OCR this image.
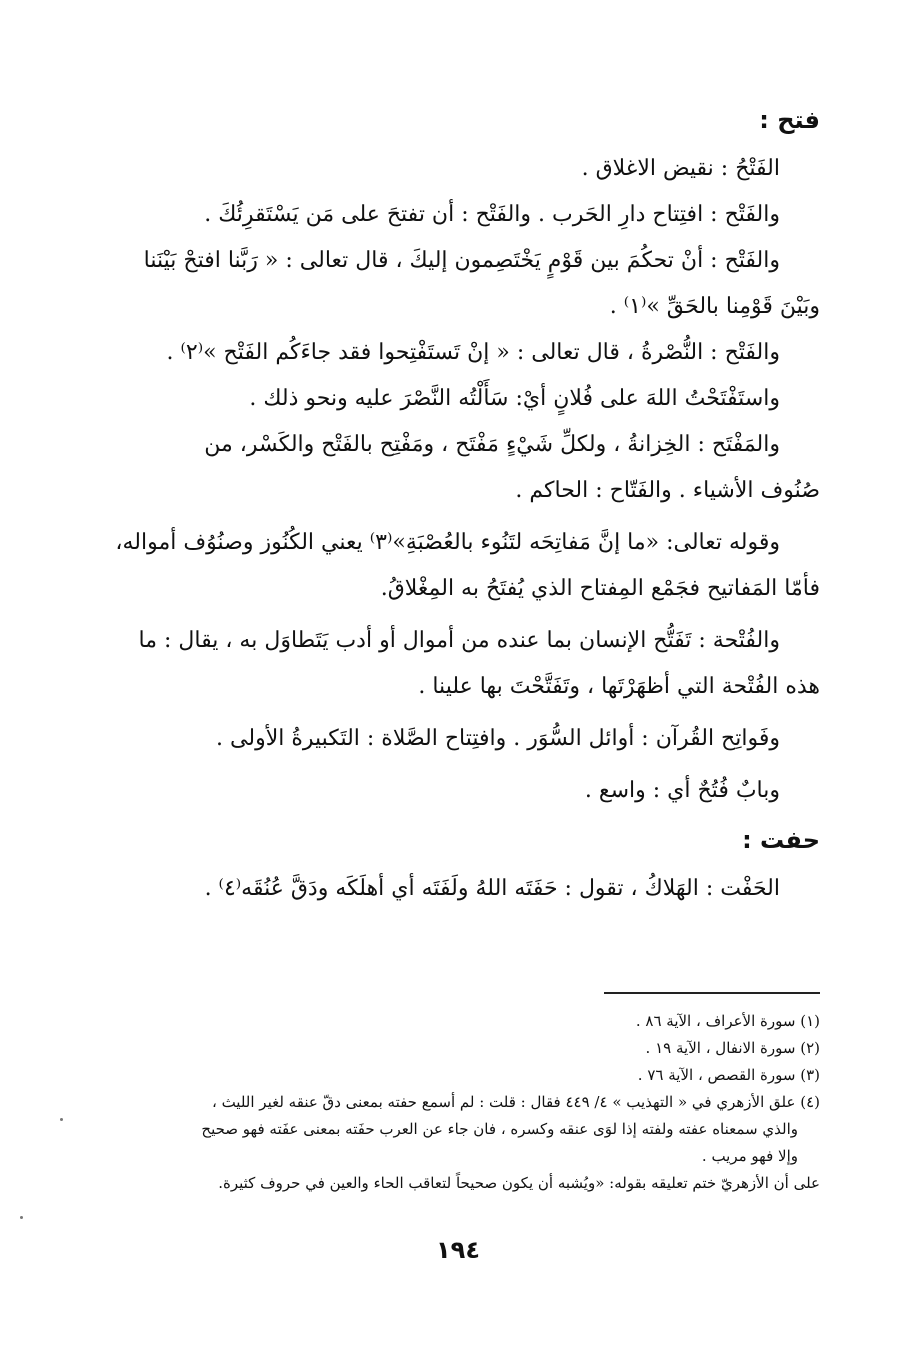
فتح :

الفَتْحُ : نقيض الاغلاق .

والفَتْح : افتِتاح دارِ الحَرب . والفَتْح : أن تفتحَ على مَن يَسْتَقرِئُكَ .

والفَتْح : أنْ تحكُمَ بين قَوْمٍ يَخْتَصِمون إليكَ ، قال تعالى : « رَبَّنا افتحْ بَيْنَنا

وبَيْنَ قَوْمِنا بالحَقِّ »⁽١⁾ .

والفَتْح : النُّصْرةُ ، قال تعالى : « إنْ تَستَفْتِحوا فقد جاءَكُم الفَتْح »⁽٢⁾ .

واستَفْتَحْتُ اللهَ على فُلانٍ أيْ: سَأَلْتُه النَّصْرَ عليه ونحو ذلك .

والمَفْتَح : الخِزانةُ ، ولكلِّ شَيْءٍ مَفْتَح ، ومَفْتِح بالفَتْح والكَسْر، من

صُنُوف الأشياء . والفَتّاح : الحاكم .

وقوله تعالى: «ما إنَّ مَفاتِحَه لتَنُوء بالعُصْبَةِ»⁽٣⁾ يعني الكُنُوز وصنُوُف أمواله،

فأمّا المَفاتيح فجَمْع المِفتاح الذي يُفتَحُ به المِغْلاقُ.

والفُتْحة : تَفَتُّح الإنسان بما عنده من أموال أو أدب يَتَطاوَل به ، يقال : ما

هذه الفُتْحة التي أظهَرْتَها ، وتَفَتَّحْتَ بها علينا .

وفَواتِح القُرآن : أوائل السُّوَر . وافتِتاح الصَّلاة : التَكبيرةُ الأولى .

وبابٌ فُتُحٌ أي : واسع .

حفت :

الحَفْت : الهَلاكُ ، تقول : حَفَتَه اللهُ ولَفَتَه أي أهلَكَه ودَقَّ عُنُقَه⁽٤⁾ .

(١) سورة الأعراف ، الآية ٨٦ .

(٢) سورة الانفال ، الآية ١٩ .

(٣) سورة القصص ، الآية ٧٦ .

(٤) علق الأزهري في « التهذيب » ٤/ ٤٤٩ فقال : قلت : لم أسمع حفته بمعنى دقّ عنقه لغير الليث ،

والذي سمعناه عفته ولفته إذا لوَى عنقه وكسره ، فان جاء عن العرب حفَته بمعنى عفَته فهو صحيح

وإلا فهو مريب .

على أن الأزهريّ ختم تعليقه بقوله: «ويُشبه أن يكون صحيحاً لتعاقب الحاء والعين في حروف كثيرة.

١٩٤
